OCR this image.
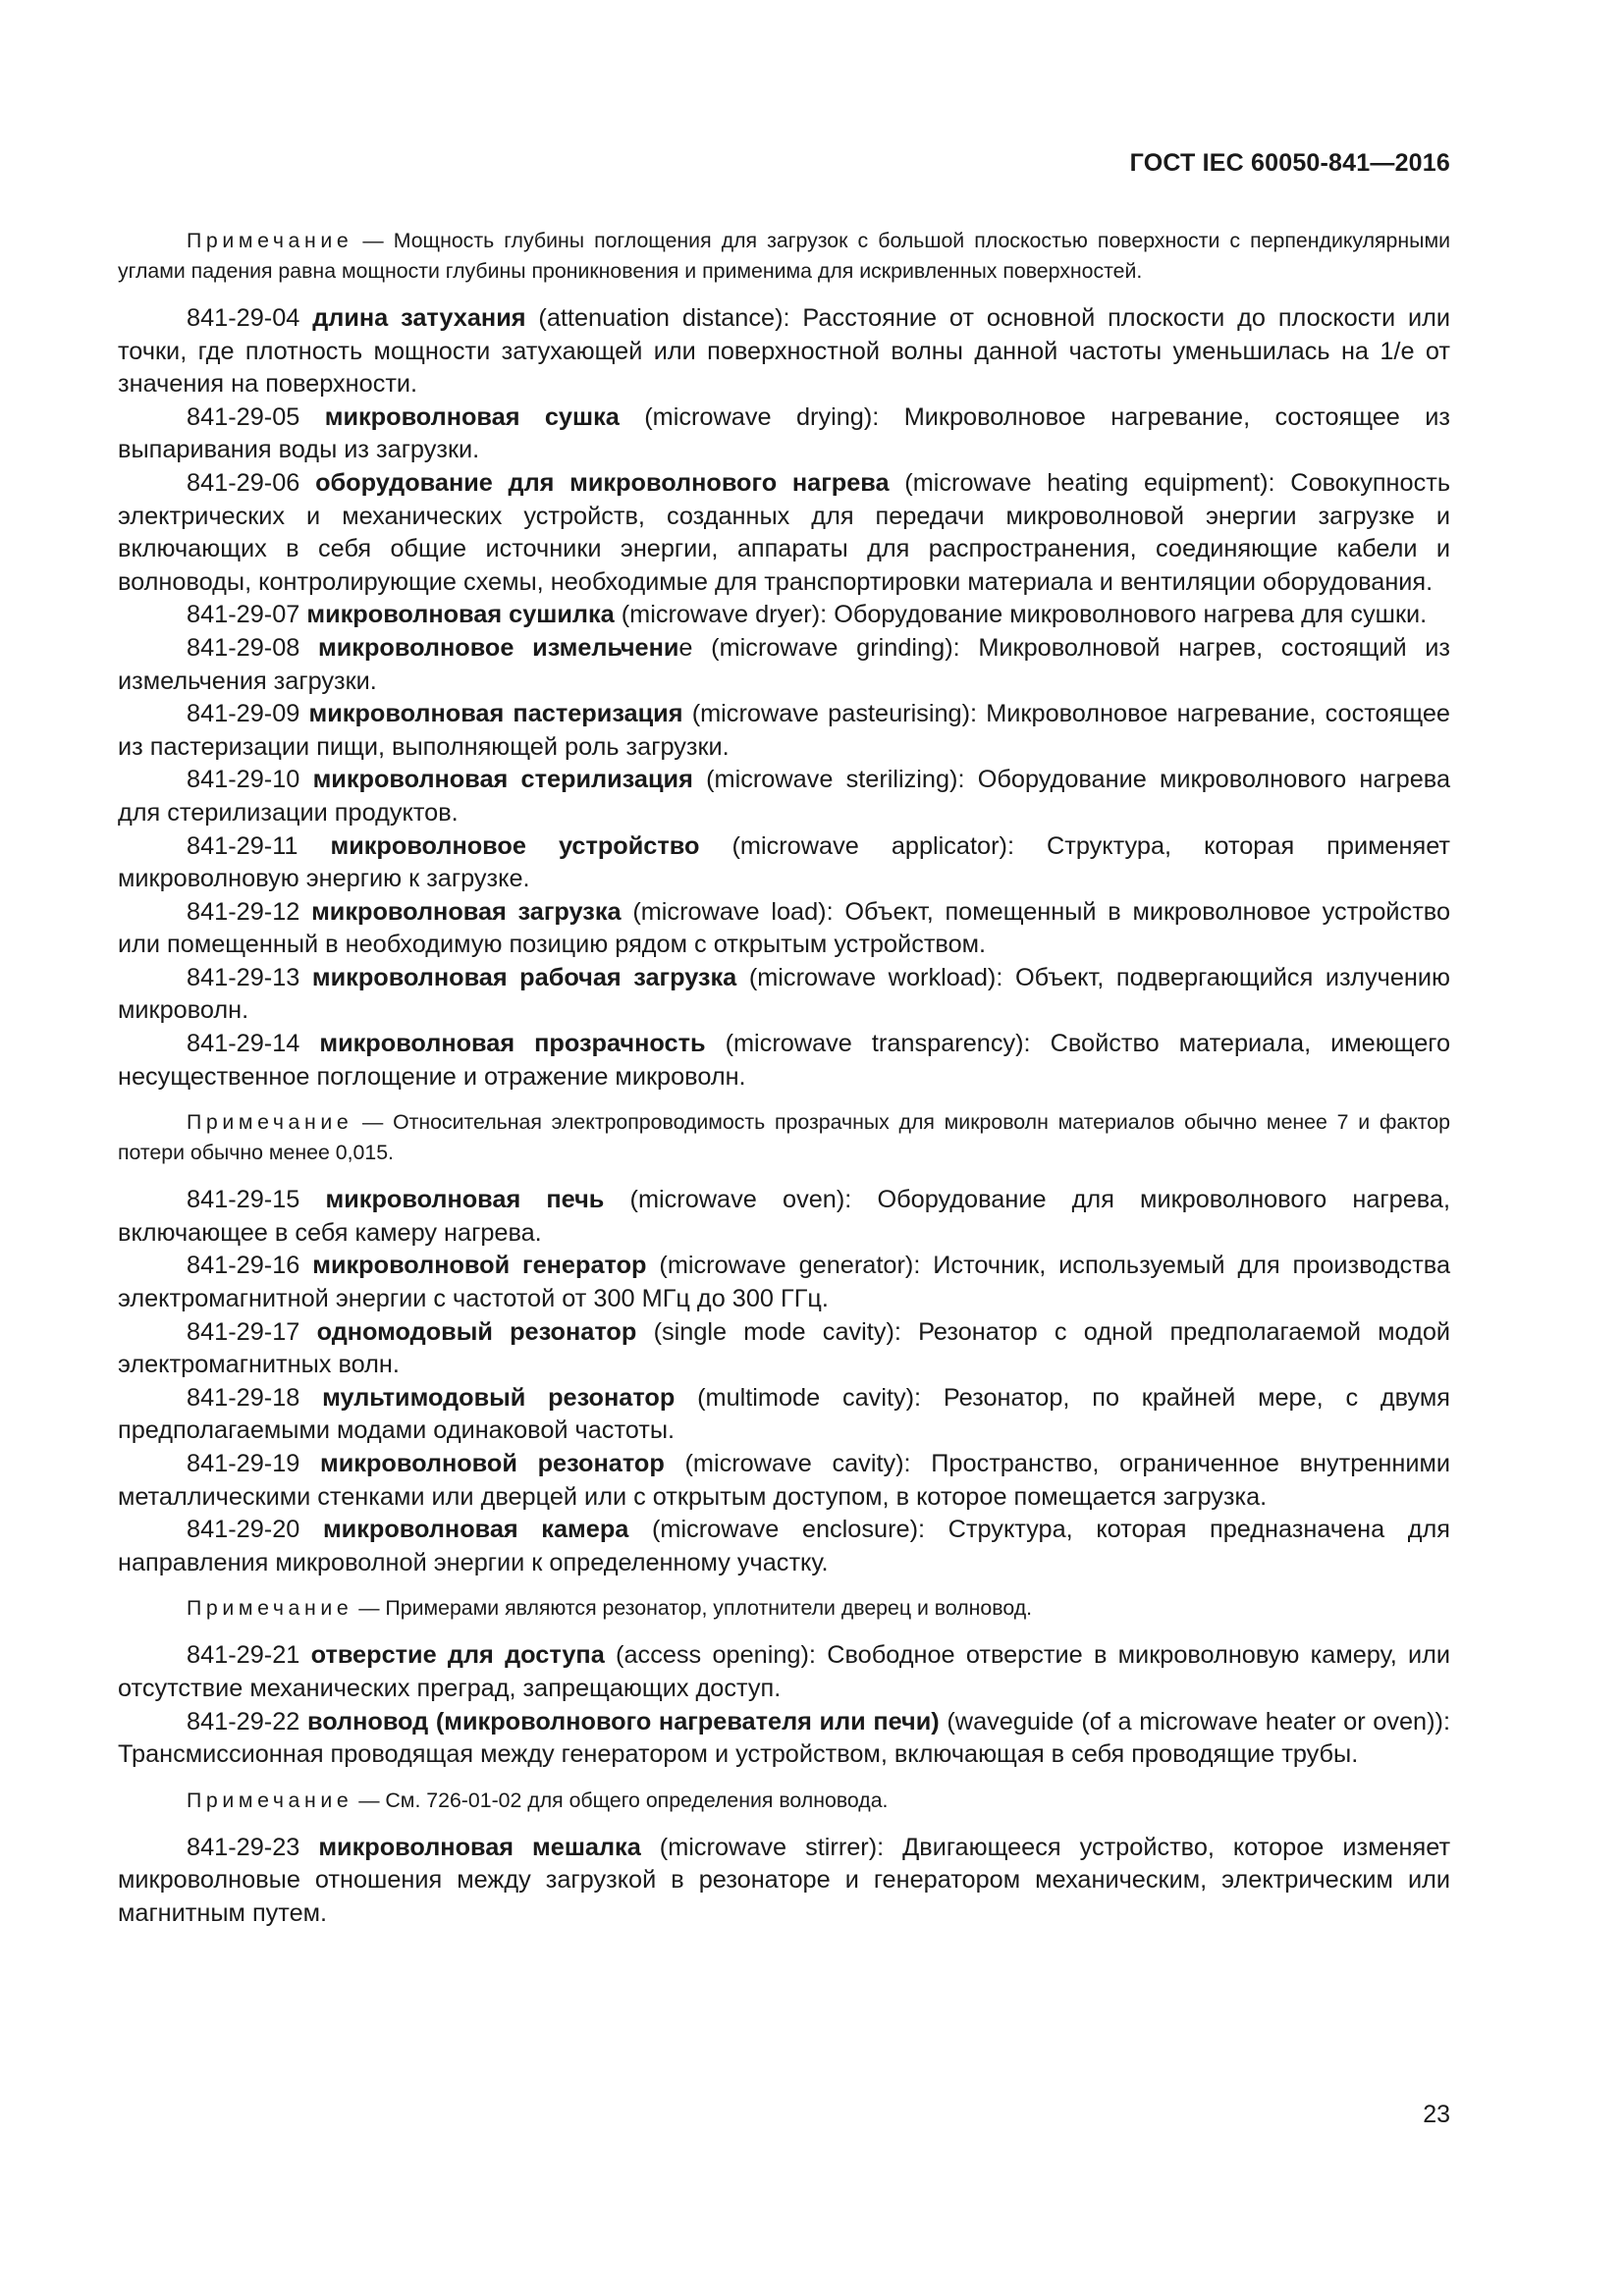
ГОСТ IEC 60050-841—2016

Примечание — Мощность глубины поглощения для загрузок с большой плоскостью поверхности с перпендикулярными углами падения равна мощности глубины проникновения и применима для искривленных поверхностей.

841-29-04 длина затухания (attenuation distance): Расстояние от основной плоскости до плоскости или точки, где плотность мощности затухающей или поверхностной волны данной частоты уменьшилась на 1/е от значения на поверхности.

841-29-05 микроволновая сушка (microwave drying): Микроволновое нагревание, состоящее из выпаривания воды из загрузки.

841-29-06 оборудование для микроволнового нагрева (microwave heating equipment): Совокупность электрических и механических устройств, созданных для передачи микроволновой энергии загрузке и включающих в себя общие источники энергии, аппараты для распространения, соединяющие кабели и волноводы, контролирующие схемы, необходимые для транспортировки материала и вентиляции оборудования.

841-29-07 микроволновая сушилка (microwave dryer): Оборудование микроволнового нагрева для сушки.

841-29-08 микроволновое измельчение (microwave grinding): Микроволновой нагрев, состоящий из измельчения загрузки.

841-29-09 микроволновая пастеризация (microwave pasteurising): Микроволновое нагревание, состоящее из пастеризации пищи, выполняющей роль загрузки.

841-29-10 микроволновая стерилизация (microwave sterilizing): Оборудование микроволнового нагрева для стерилизации продуктов.

841-29-11 микроволновое устройство (microwave applicator): Структура, которая применяет микроволновую энергию к загрузке.

841-29-12 микроволновая загрузка (microwave load): Объект, помещенный в микроволновое устройство или помещенный в необходимую позицию рядом с открытым устройством.

841-29-13 микроволновая рабочая загрузка (microwave workload): Объект, подвергающийся излучению микроволн.

841-29-14 микроволновая прозрачность (microwave transparency): Свойство материала, имеющего несущественное поглощение и отражение микроволн.

Примечание — Относительная электропроводимость прозрачных для микроволн материалов обычно менее 7 и фактор потери обычно менее 0,015.

841-29-15 микроволновая печь (microwave oven): Оборудование для микроволнового нагрева, включающее в себя камеру нагрева.

841-29-16 микроволновой генератор (microwave generator): Источник, используемый для производства электромагнитной энергии с частотой от 300 МГц до 300 ГГц.

841-29-17 одномодовый резонатор (single mode cavity): Резонатор с одной предполагаемой модой электромагнитных волн.

841-29-18 мультимодовый резонатор (multimode cavity): Резонатор, по крайней мере, с двумя предполагаемыми модами одинаковой частоты.

841-29-19 микроволновой резонатор (microwave cavity): Пространство, ограниченное внутренними металлическими стенками или дверцей или с открытым доступом, в которое помещается загрузка.

841-29-20 микроволновая камера (microwave enclosure): Структура, которая предназначена для направления микроволной энергии к определенному участку.

Примечание — Примерами являются резонатор, уплотнители дверец и волновод.

841-29-21 отверстие для доступа (access opening): Свободное отверстие в микроволновую камеру, или отсутствие механических преград, запрещающих доступ.

841-29-22 волновод (микроволнового нагревателя или печи) (waveguide (of a microwave heater or oven)): Трансмиссионная проводящая между генератором и устройством, включающая в себя проводящие трубы.

Примечание — См. 726-01-02 для общего определения волновода.

841-29-23 микроволновая мешалка (microwave stirrer): Двигающееся устройство, которое изменяет микроволновые отношения между загрузкой в резонаторе и генератором механическим, электрическим или магнитным путем.

23
